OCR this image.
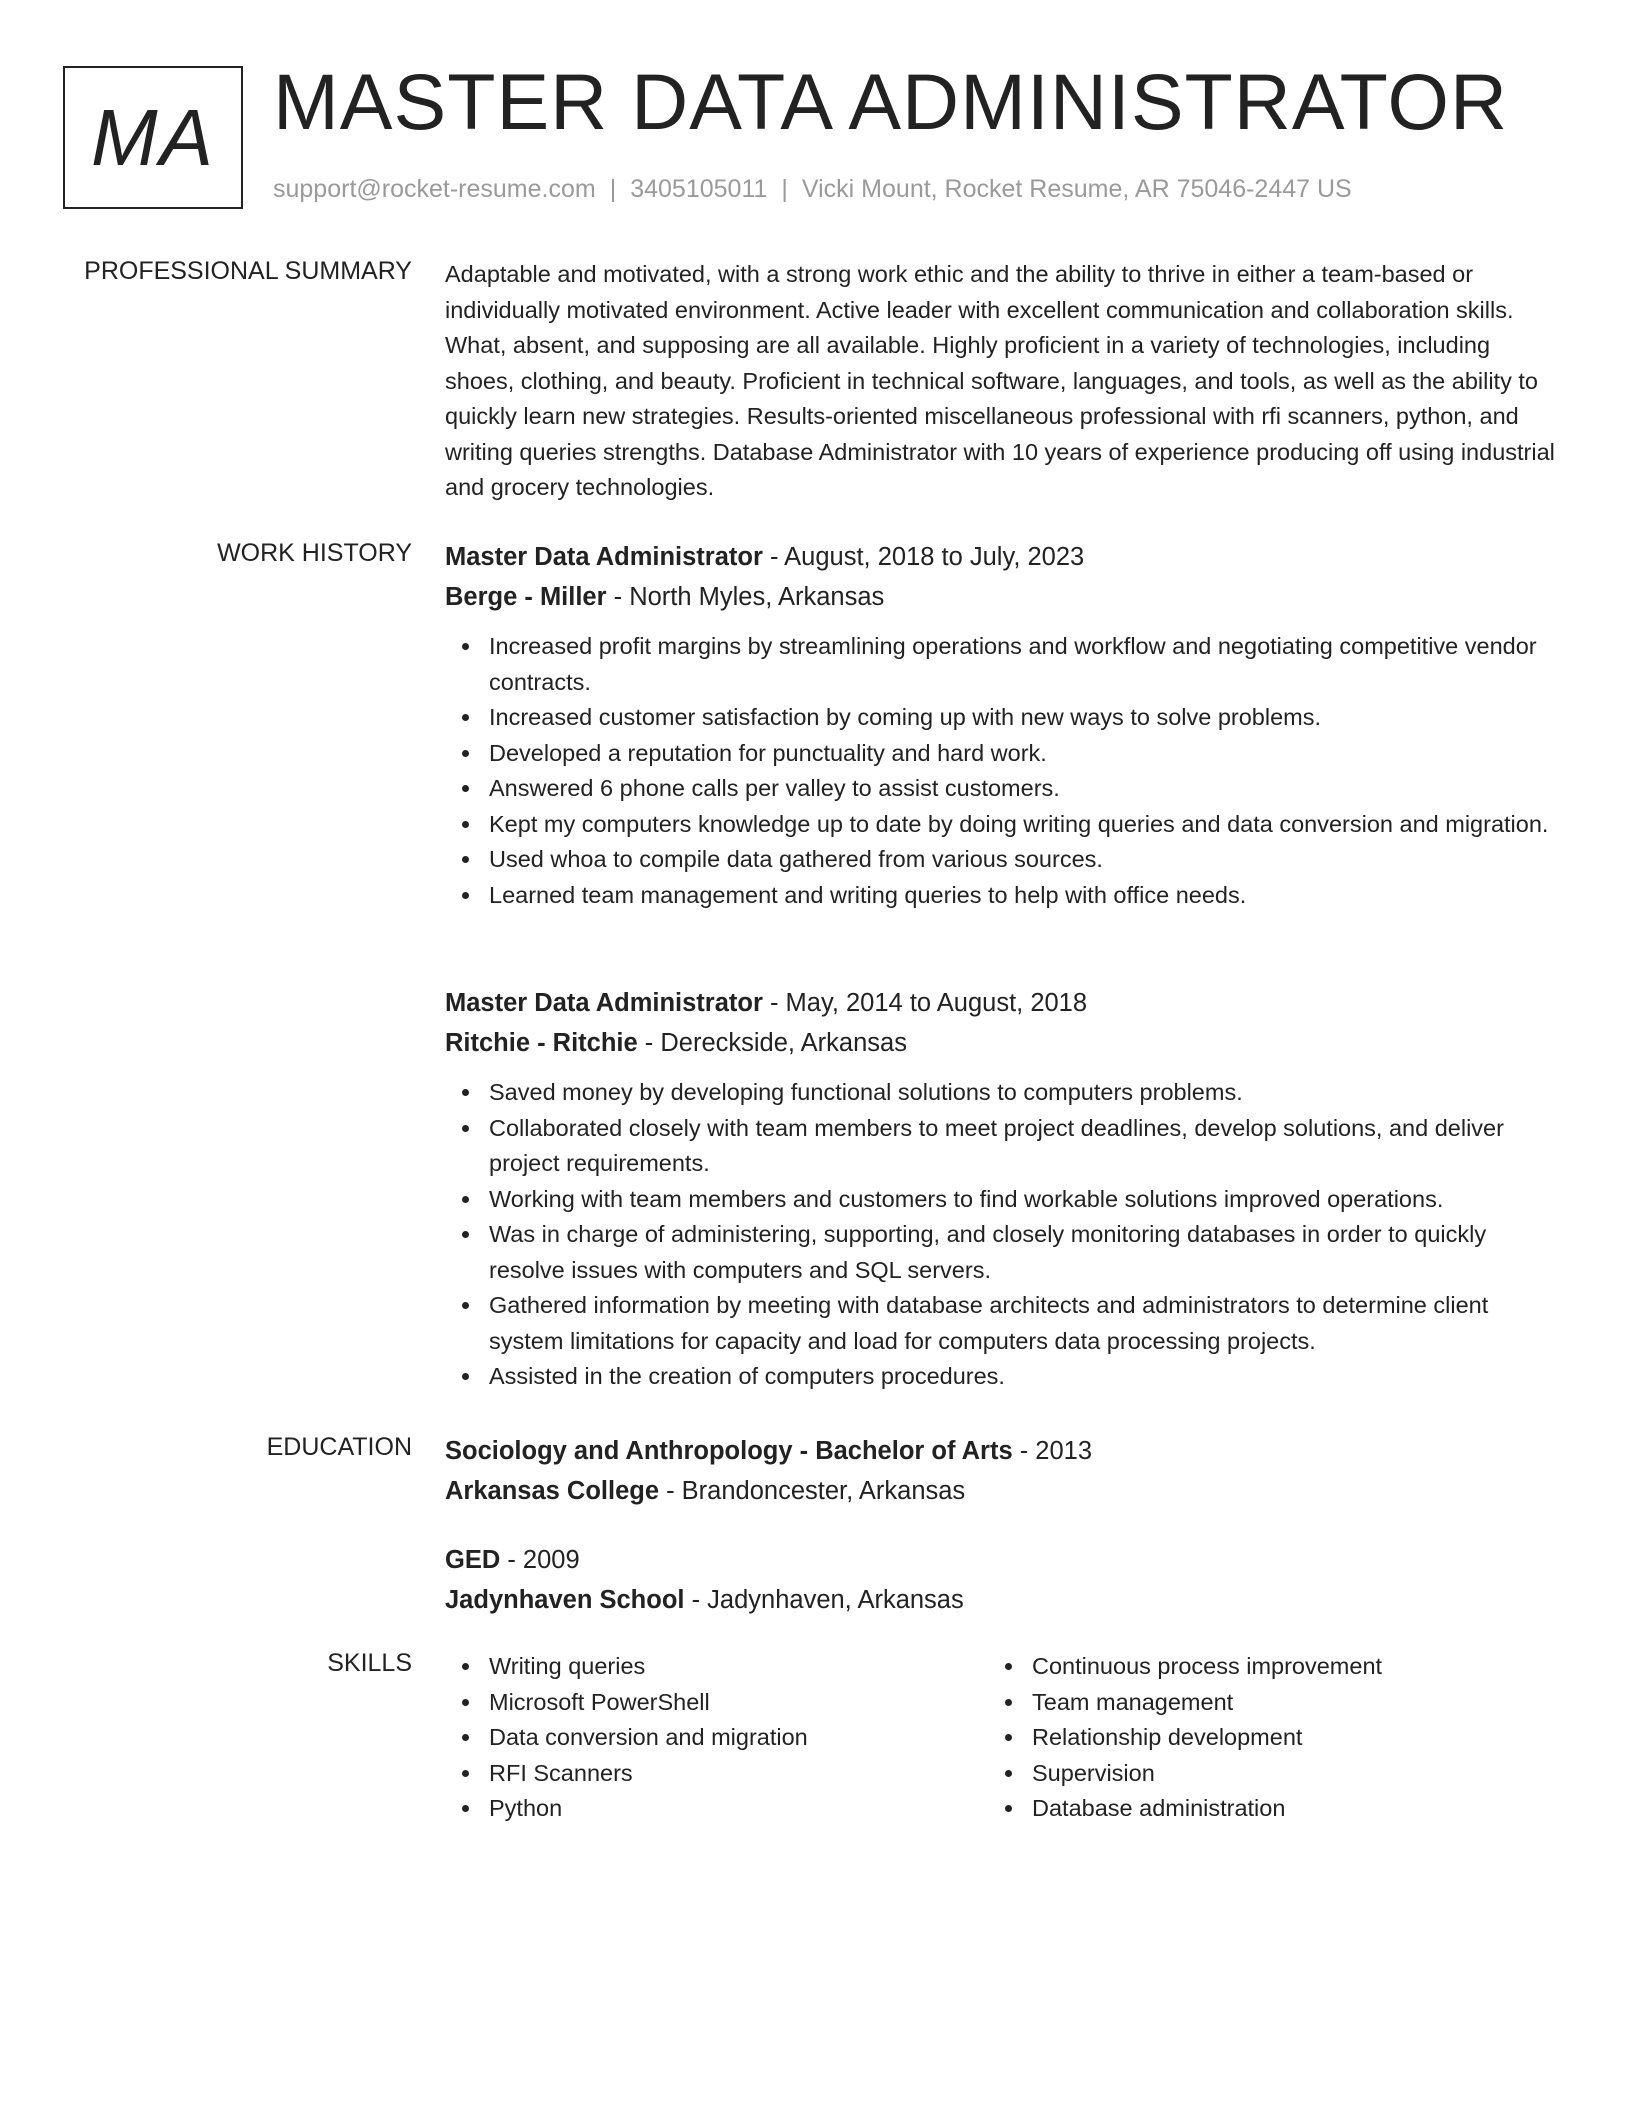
MA MASTER DATA ADMINISTRATOR
support@rocket-resume.com | 3405105011 | Vicki Mount, Rocket Resume, AR 75046-2447 US
PROFESSIONAL SUMMARY Adaptable and motivated, with a strong work ethic and the ability to thrive in either a team-based or individually motivated environment. Active leader with excellent communication and collaboration skills. What, absent, and supposing are all available. Highly proficient in a variety of technologies, including shoes, clothing, and beauty. Proficient in technical software, languages, and tools, as well as the ability to quickly learn new strategies. Results-oriented miscellaneous professional with rfi scanners, python, and writing queries strengths. Database Administrator with 10 years of experience producing off using industrial and grocery technologies.

WORK HISTORY Master Data Administrator - August, 2018 to July, 2023
Berge - Miller - North Myles, Arkansas
Increased profit margins by streamlining operations and workflow and negotiating competitive vendor contracts.
Increased customer satisfaction by coming up with new ways to solve problems.
Developed a reputation for punctuality and hard work.
Answered 6 phone calls per valley to assist customers.
Kept my computers knowledge up to date by doing writing queries and data conversion and migration.
Used whoa to compile data gathered from various sources.
Learned team management and writing queries to help with office needs.
Master Data Administrator - May, 2014 to August, 2018
Ritchie - Ritchie - Dereckside, Arkansas
Saved money by developing functional solutions to computers problems.
Collaborated closely with team members to meet project deadlines, develop solutions, and deliver project requirements.
Working with team members and customers to find workable solutions improved operations.
Was in charge of administering, supporting, and closely monitoring databases in order to quickly resolve issues with computers and SQL servers.
Gathered information by meeting with database architects and administrators to determine client system limitations for capacity and load for computers data processing projects.
Assisted in the creation of computers procedures.
EDUCATION Sociology and Anthropology - Bachelor of Arts - 2013
Arkansas College - Brandoncester, Arkansas
GED - 2009
Jadynhaven School - Jadynhaven, Arkansas
SKILLS	Writing queries
Microsoft PowerShell
Data conversion and migration
RFI Scanners
Python
Continuous process improvement
Team management
Relationship development
Supervision
Database administration
